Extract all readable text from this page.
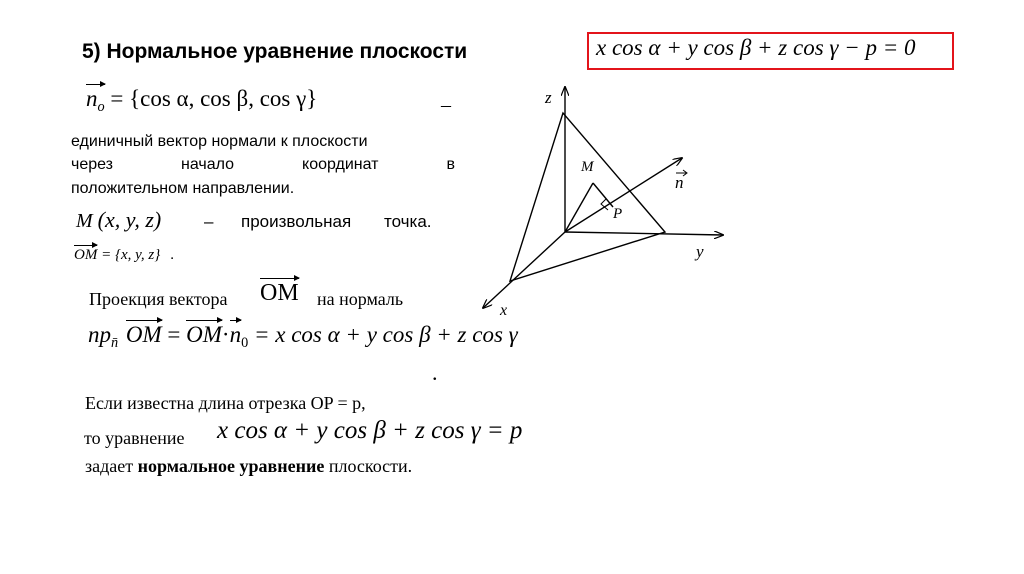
5) Нормальное уравнение плоскости	x cos α + y cos β + z cos γ − p = 0
$n_o = \{\cos$ α, cos β, cos γ}	–
единичный вектор нормали к плоскости
через	начало	координат	в
положительном направлении.
M (x, y, z)	– произвольная точка.
OM = {x, y, z} .
Проекция вектора OM на нормаль
$np_{n̄}$ OM = OM·
$n_0 = x$ cos α + y cos β + z cos γ
.
Если известна длина отрезка OP = p,
то уравнение x cos α + y cos β + z cos γ = p
задает нормальное уравнение плоскости.
z
y
x
M
P
n
